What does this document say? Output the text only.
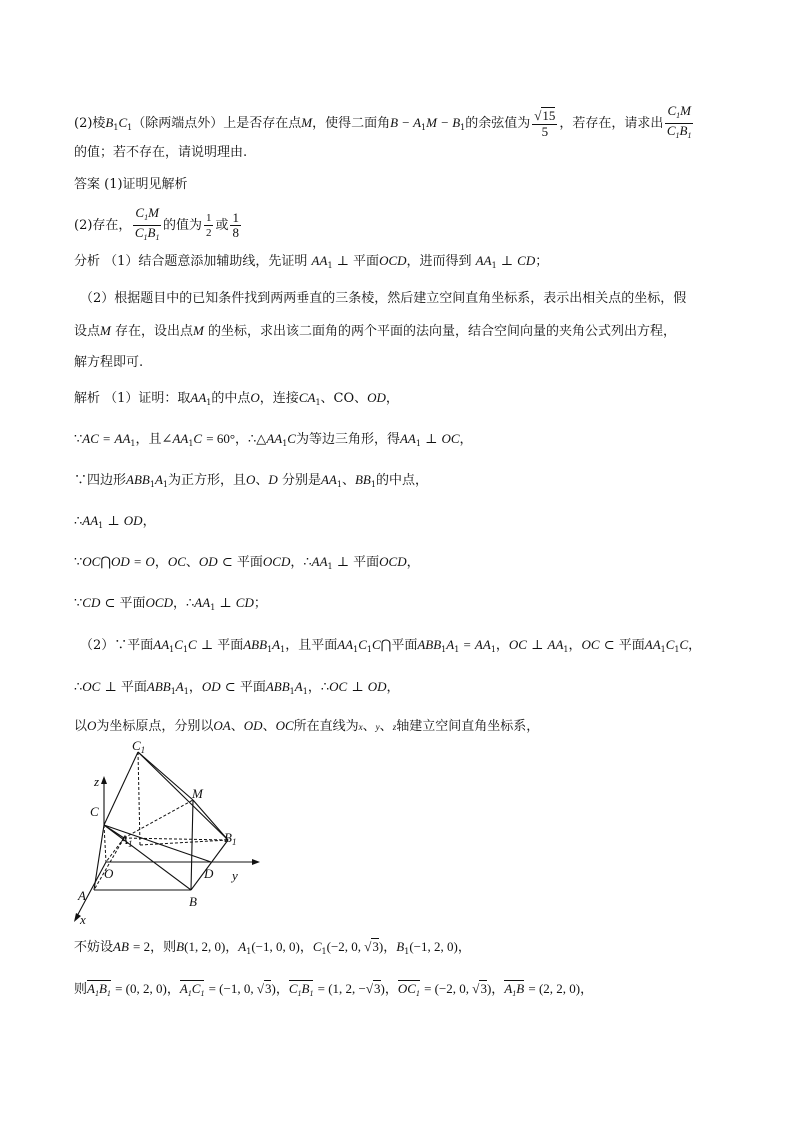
(2)棱$B_1C_1$（除两端点外）上是否存在点M，使得二面角$B - A_1M - B_1$的余弦值为 $\frac{√15}{5}$ ，若存在，请求出 $\frac{C_1M}{C_1B_1}$
的值；若不存在，请说明理由.
答案 (1)证明见解析
(2)存在， $\frac{C_1M}{C_1B_1}$ 的值为 $\frac{1}{2}$ 或 $\frac{1}{8}$
分析 （1）结合题意添加辅助线，先证明 $AA_1$ ⊥ 平面OCD，进而得到 $AA_1$ ⊥ CD；
（2）根据题目中的已知条件找到两两垂直的三条棱，然后建立空间直角坐标系，表示出相关点的坐标，假
设点M 存在，设出点M 的坐标，求出该二面角的两个平面的法向量，结合空间向量的夹角公式列出方程，
解方程即可.
解析 （1）证明：取$AA_1$的中点O，连接$CA_1$、CO、OD，
∵AC = $AA_1$，且$\angle AA_1C = 60^\circ$，$\therefore\triangle AA_1C$为等边三角形，得$AA_1$ ⊥ OC，
∵四边形$ABB_1A_1$为正方形，且O、D 分别是$AA_1$、$BB_1$的中点，
$\therefore AA_1$ ⊥ OD，
∵OC⋂OD = O，OC、OD ⊂ 平面OCD，$\therefore AA_1$ ⊥ 平面OCD，
∵CD ⊂ 平面OCD，$\therefore AA_1$ ⊥ CD；
（2）∵平面$AA_1C_1C$ ⊥ 平面$ABB_1A_1$，且平面$AA_1C_1C⋂$平面$ABB_1A_1 = AA_1$，OC ⊥ $AA_1$，OC ⊂ 平面$AA_1C_1C$，
∴OC ⊥ 平面$ABB_1A_1$，OD ⊂ 平面$ABB_1A_1$，∴OC ⊥ OD，
以O为坐标原点，分别以OA、OD、OC所在直线为x、y、z轴建立空间直角坐标系，
$C_1$
z
M
C
$B_1$
$A_1$
O	D y
A	B
x
不妨设AB = 2，则B(1, 2, 0)，$A_1(-1$, 0, 0)，$C_1(-2$, 0, √3)，$B_1(-1$, 2, 0)，
则$A_1B_1 = (0$, 2, 0)，$A_1C_1 = (-1$, 0, √3)，$C_1B_1 = (1$, 2, −√3)，$OC_1 = (-2$, 0, √3)，$A_1B = (2$, 2, 0)，
